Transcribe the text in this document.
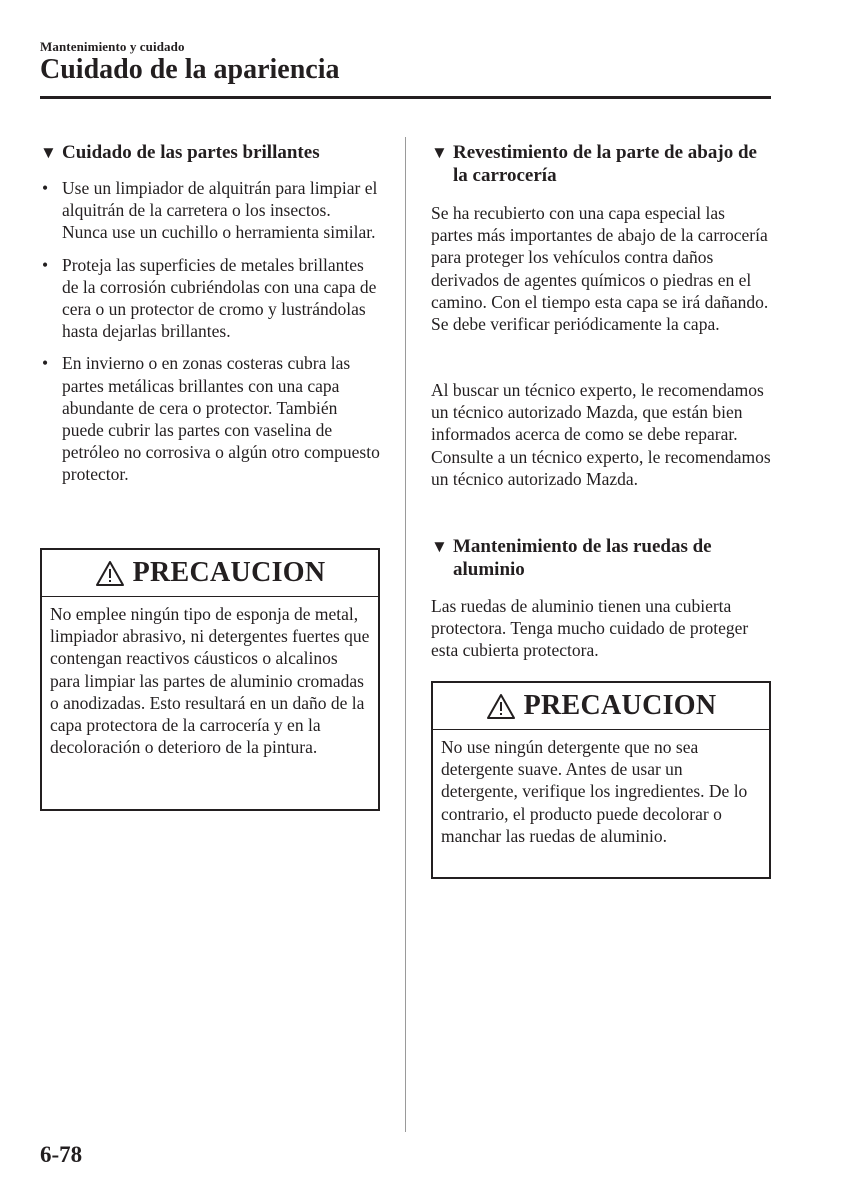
Mantenimiento y cuidado
Cuidado de la apariencia
▼ Cuidado de las partes brillantes
• Use un limpiador de alquitrán para limpiar el alquitrán de la carretera o los insectos. Nunca use un cuchillo o herramienta similar.
• Proteja las superficies de metales brillantes de la corrosión cubriéndolas con una capa de cera o un protector de cromo y lustrándolas hasta dejarlas brillantes.
• En invierno o en zonas costeras cubra las partes metálicas brillantes con una capa abundante de cera o protector. También puede cubrir las partes con vaselina de petróleo no corrosiva o algún otro compuesto protector.
PRECAUCION
No emplee ningún tipo de esponja de metal, limpiador abrasivo, ni detergentes fuertes que contengan reactivos cáusticos o alcalinos para limpiar las partes de aluminio cromadas o anodizadas. Esto resultará en un daño de la capa protectora de la carrocería y en la decoloración o deterioro de la pintura.
▼ Revestimiento de la parte de abajo de la carrocería

Se ha recubierto con una capa especial las partes más importantes de abajo de la carrocería para proteger los vehículos contra daños derivados de agentes químicos o piedras en el camino. Con el tiempo esta capa se irá dañando. Se debe verificar periódicamente la capa.

Al buscar un técnico experto, le recomendamos un técnico autorizado Mazda, que están bien informados acerca de como se debe reparar. Consulte a un técnico experto, le recomendamos un técnico autorizado Mazda.

▼ Mantenimiento de las ruedas de aluminio

Las ruedas de aluminio tienen una cubierta protectora. Tenga mucho cuidado de proteger esta cubierta protectora.

PRECAUCION
No use ningún detergente que no sea detergente suave. Antes de usar un detergente, verifique los ingredientes. De lo contrario, el producto puede decolorar o manchar las ruedas de aluminio.
6-78
